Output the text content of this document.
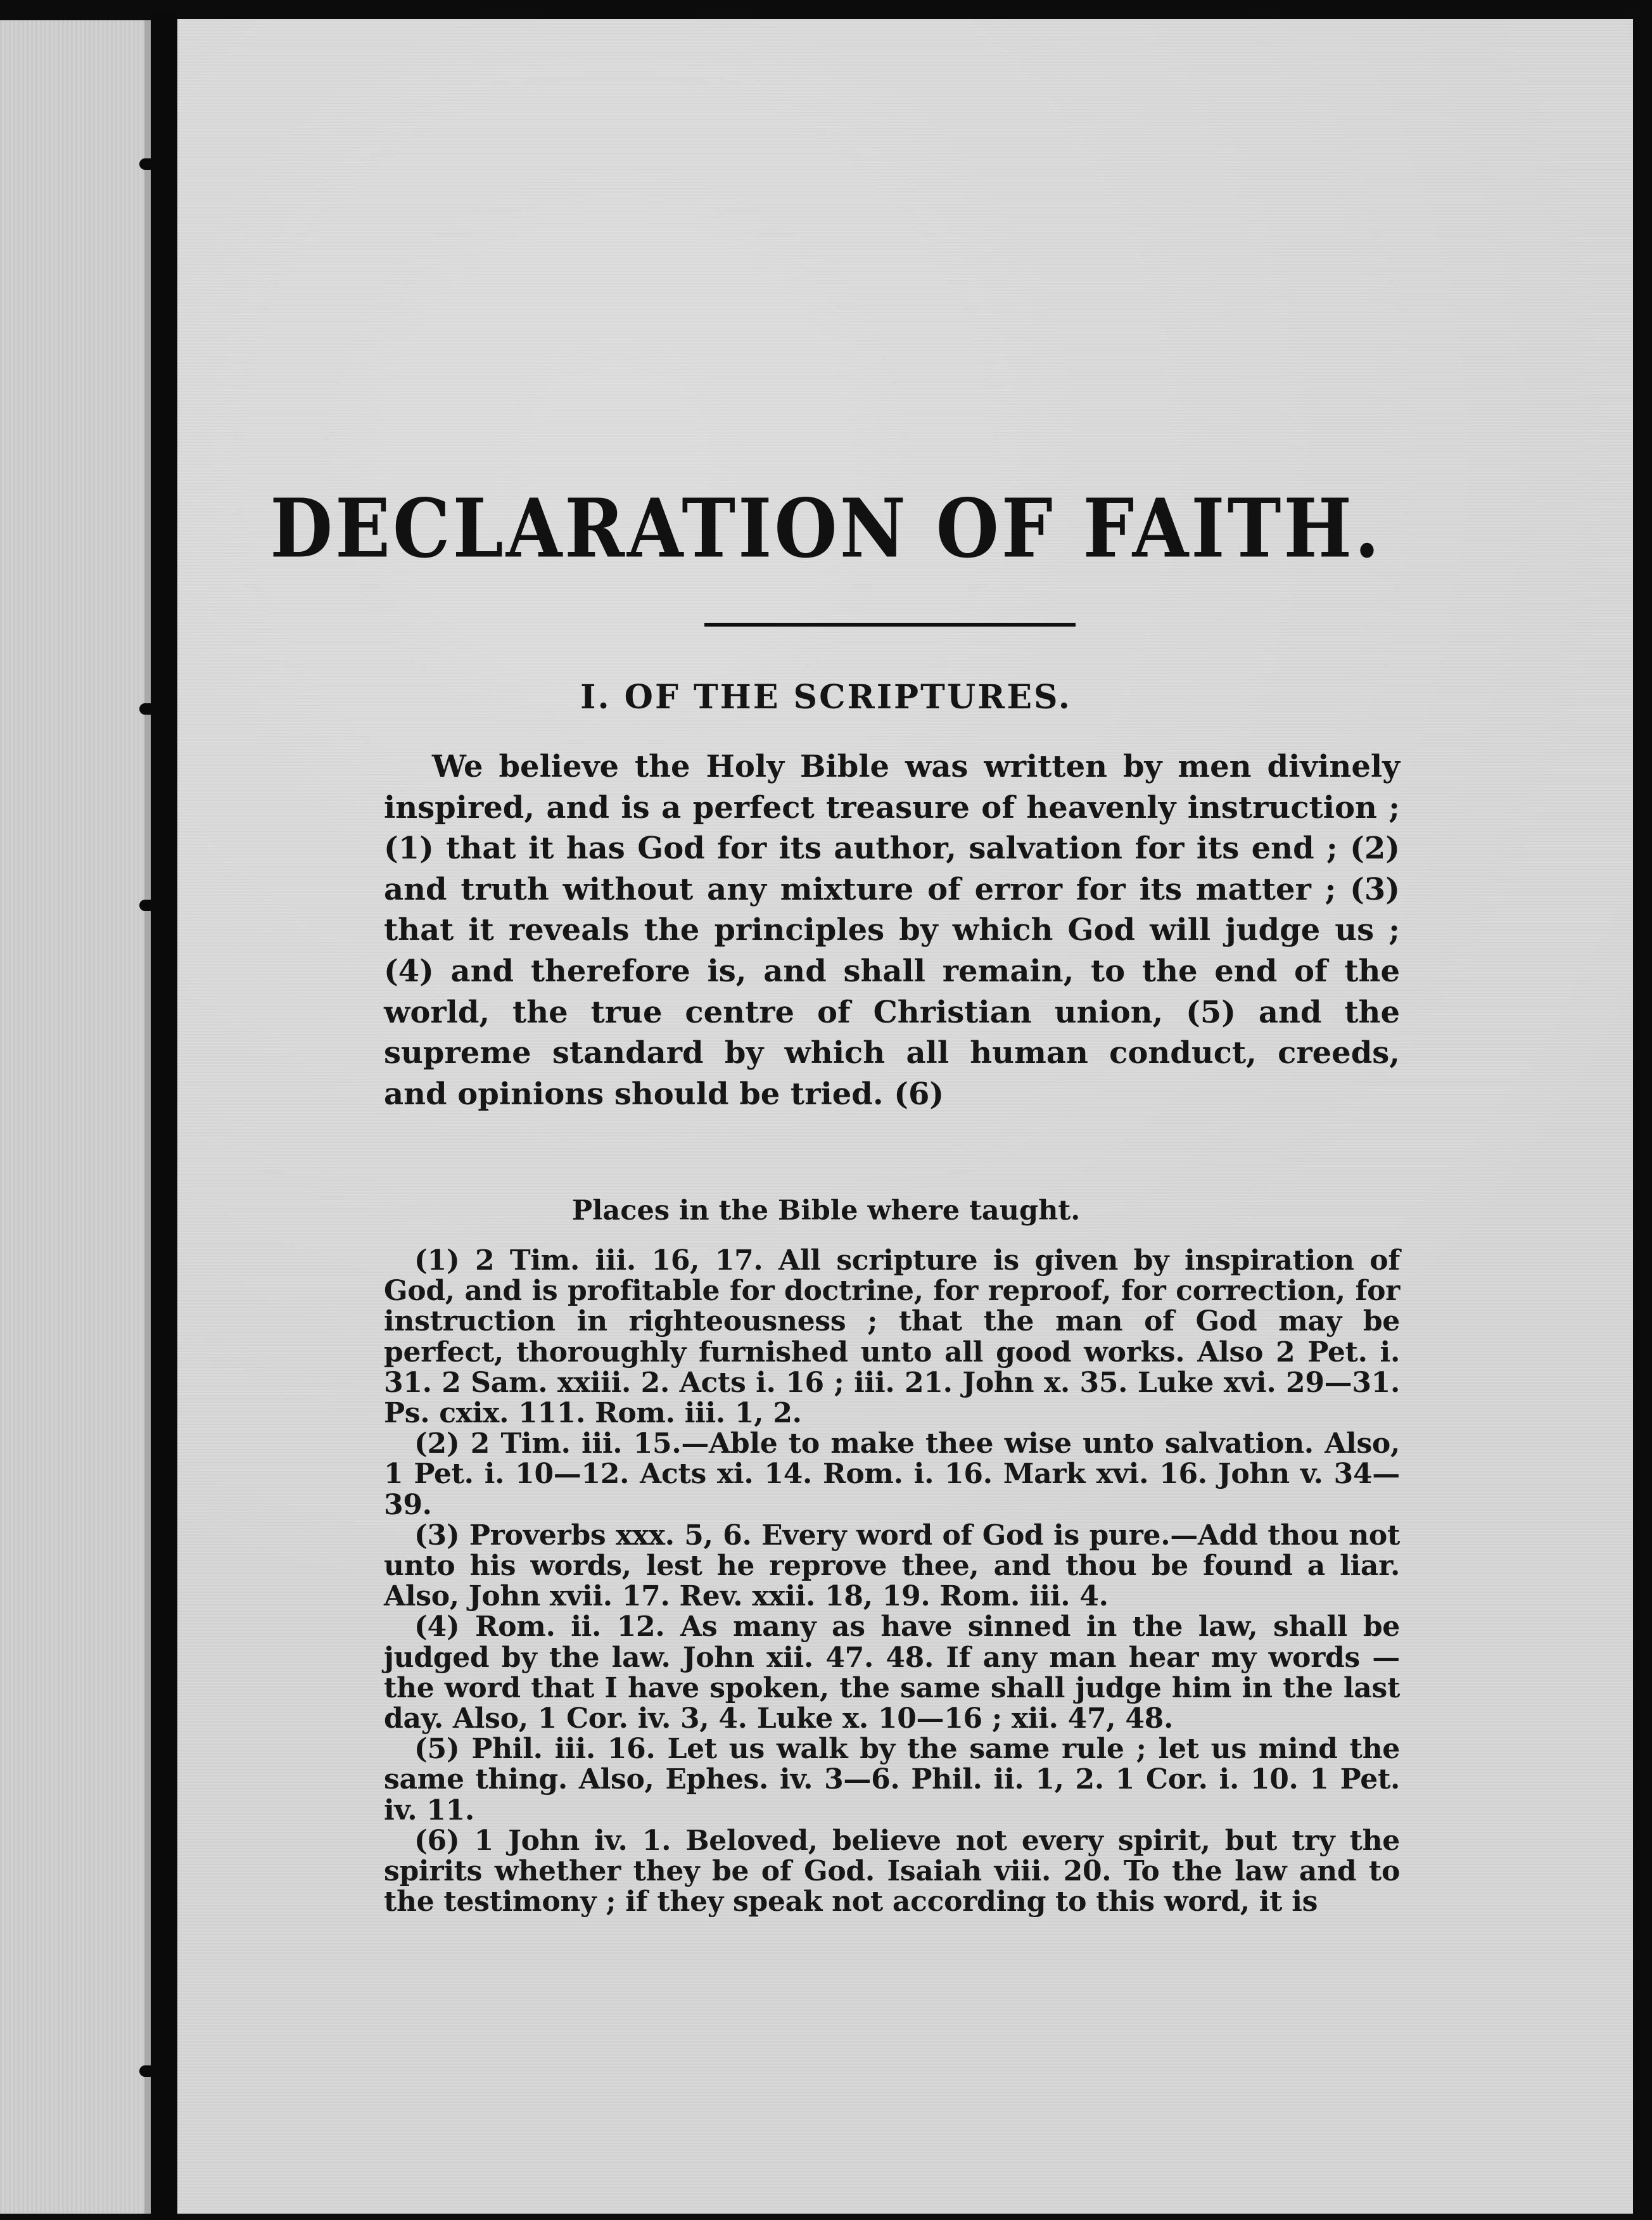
DECLARATION OF FAITH.
I. OF THE SCRIPTURES.

We believe the Holy Bible was written by men divinely inspired, and is a perfect treasure of heavenly instruction ; (1) that it has God for its author, salvation for its end ; (2) and truth without any mixture of error for its matter ; (3) that it reveals the principles by which God will judge us ; (4) and therefore is, and shall remain, to the end of the world, the true centre of Christian union, (5) and the supreme standard by which all human conduct, creeds, and opinions should be tried. (6)

Places in the Bible where taught.

(1) 2 Tim. iii. 16, 17. All scripture is given by inspiration of God, and is profitable for doctrine, for reproof, for correction, for instruction in righteousness ; that the man of God may be perfect, thoroughly furnished unto all good works. Also 2 Pet. i. 31. 2 Sam. xxiii. 2. Acts i. 16 ; iii. 21. John x. 35. Luke xvi. 29—31. Ps. cxix. 111. Rom. iii. 1, 2.

(2) 2 Tim. iii. 15.—Able to make thee wise unto salvation. Also, 1 Pet. i. 10—12. Acts xi. 14. Rom. i. 16. Mark xvi. 16. John v. 34—39.

(3) Proverbs xxx. 5, 6. Every word of God is pure.—Add thou not unto his words, lest he reprove thee, and thou be found a liar. Also, John xvii. 17. Rev. xxii. 18, 19. Rom. iii. 4.

(4) Rom. ii. 12. As many as have sinned in the law, shall be judged by the law. John xii. 47. 48. If any man hear my words —the word that I have spoken, the same shall judge him in the last day. Also, 1 Cor. iv. 3, 4. Luke x. 10—16 ; xii. 47, 48.

(5) Phil. iii. 16. Let us walk by the same rule ; let us mind the same thing. Also, Ephes. iv. 3—6. Phil. ii. 1, 2. 1 Cor. i. 10. 1 Pet. iv. 11.

(6) 1 John iv. 1. Beloved, believe not every spirit, but try the spirits whether they be of God. Isaiah viii. 20. To the law and to the testimony ; if they speak not according to this word, it is
